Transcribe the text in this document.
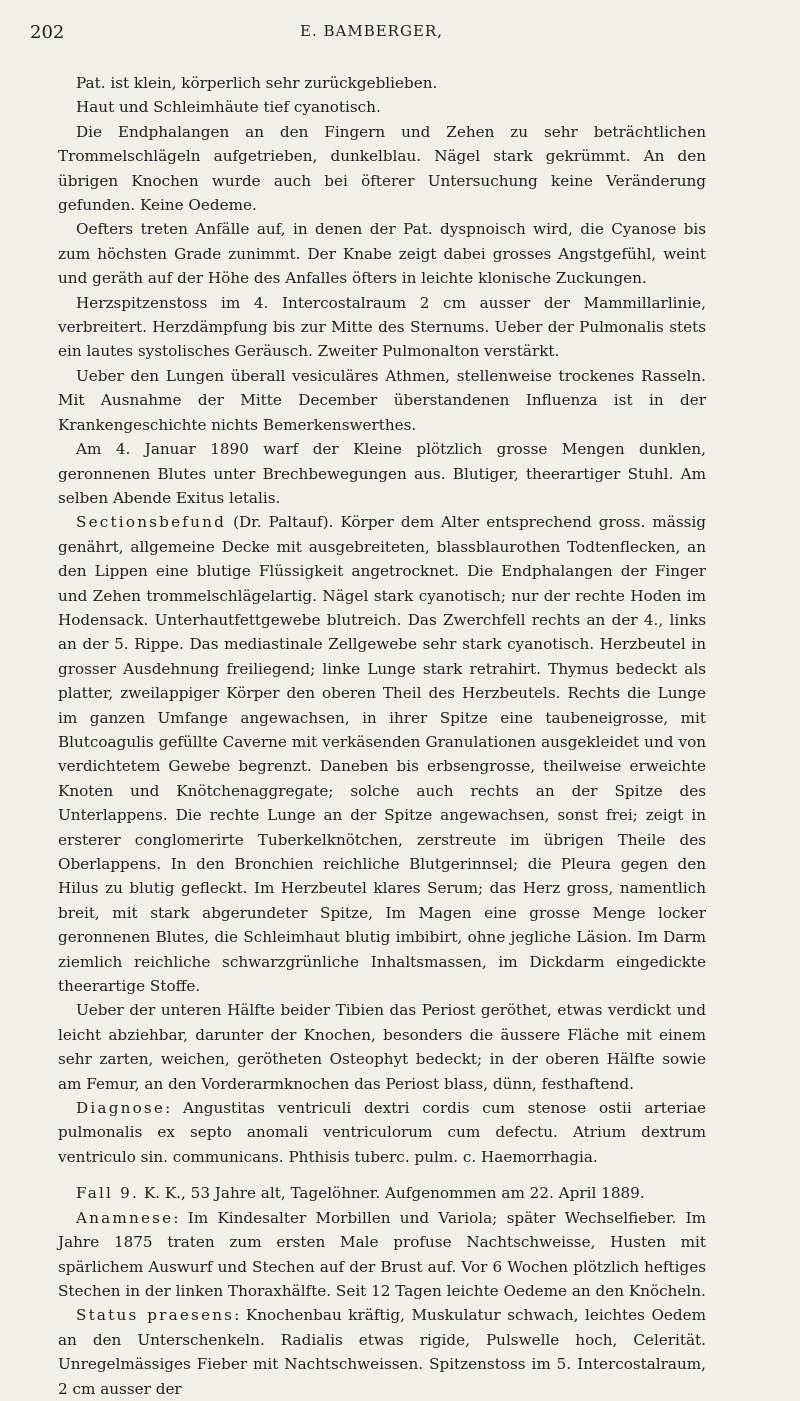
202	E. BAMBERGER,

Pat. ist klein, körperlich sehr zurückgeblieben.

Haut und Schleimhäute tief cyanotisch.

Die Endphalangen an den Fingern und Zehen zu sehr beträchtlichen Trommelschlägeln aufgetrieben, dunkelblau. Nägel stark gekrümmt. An den übrigen Knochen wurde auch bei öfterer Untersuchung keine Veränderung gefunden. Keine Oedeme.

Oefters treten Anfälle auf, in denen der Pat. dyspnoisch wird, die Cyanose bis zum höchsten Grade zunimmt. Der Knabe zeigt dabei grosses Angstgefühl, weint und geräth auf der Höhe des Anfalles öfters in leichte klonische Zuckungen.

Herzspitzenstoss im 4. Intercostalraum 2 cm ausser der Mammillarlinie, verbreitert. Herzdämpfung bis zur Mitte des Sternums. Ueber der Pulmonalis stets ein lautes systolisches Geräusch. Zweiter Pulmonalton verstärkt.

Ueber den Lungen überall vesiculäres Athmen, stellenweise trockenes Rasseln. Mit Ausnahme der Mitte December überstandenen Influenza ist in der Krankengeschichte nichts Bemerkenswerthes.

Am 4. Januar 1890 warf der Kleine plötzlich grosse Mengen dunklen, geronnenen Blutes unter Brechbewegungen aus. Blutiger, theerartiger Stuhl. Am selben Abende Exitus letalis.

Sectionsbefund (Dr. Paltauf). Körper dem Alter entsprechend gross. mässig genährt, allgemeine Decke mit ausgebreiteten, blassblaurothen Todtenflecken, an den Lippen eine blutige Flüssigkeit angetrocknet. Die Endphalangen der Finger und Zehen trommelschlägelartig. Nägel stark cyanotisch; nur der rechte Hoden im Hodensack. Unterhautfettgewebe blutreich. Das Zwerchfell rechts an der 4., links an der 5. Rippe. Das mediastinale Zellgewebe sehr stark cyanotisch. Herzbeutel in grosser Ausdehnung freiliegend; linke Lunge stark retrahirt. Thymus bedeckt als platter, zweilappiger Körper den oberen Theil des Herzbeutels. Rechts die Lunge im ganzen Umfange angewachsen, in ihrer Spitze eine taubeneigrosse, mit Blutcoagulis gefüllte Caverne mit verkäsenden Granulationen ausgekleidet und von verdichtetem Gewebe begrenzt. Daneben bis erbsengrosse, theilweise erweichte Knoten und Knötchenaggregate; solche auch rechts an der Spitze des Unterlappens. Die rechte Lunge an der Spitze angewachsen, sonst frei; zeigt in ersterer conglomerirte Tuberkelknötchen, zerstreute im übrigen Theile des Oberlappens. In den Bronchien reichliche Blutgerinnsel; die Pleura gegen den Hilus zu blutig gefleckt. Im Herzbeutel klares Serum; das Herz gross, namentlich breit, mit stark abgerundeter Spitze, Im Magen eine grosse Menge locker geronnenen Blutes, die Schleimhaut blutig imbibirt, ohne jegliche Läsion. Im Darm ziemlich reichliche schwarzgrünliche Inhaltsmassen, im Dickdarm eingedickte theerartige Stoffe.

Ueber der unteren Hälfte beider Tibien das Periost geröthet, etwas verdickt und leicht abziehbar, darunter der Knochen, besonders die äussere Fläche mit einem sehr zarten, weichen, gerötheten Osteophyt bedeckt; in der oberen Hälfte sowie am Femur, an den Vorderarmknochen das Periost blass, dünn, festhaftend.

Diagnose: Angustitas ventriculi dextri cordis cum stenose ostii arteriae pulmonalis ex septo anomali ventriculorum cum defectu. Atrium dextrum ventriculo sin. communicans. Phthisis tuberc. pulm. c. Haemorrhagia.

Fall 9. K. K., 53 Jahre alt, Tagelöhner. Aufgenommen am 22. April 1889.

Anamnese: Im Kindesalter Morbillen und Variola; später Wechselfieber. Im Jahre 1875 traten zum ersten Male profuse Nachtschweisse, Husten mit spärlichem Auswurf und Stechen auf der Brust auf. Vor 6 Wochen plötzlich heftiges Stechen in der linken Thoraxhälfte. Seit 12 Tagen leichte Oedeme an den Knöcheln.

Status praesens: Knochenbau kräftig, Muskulatur schwach, leichtes Oedem an den Unterschenkeln. Radialis etwas rigide, Pulswelle hoch, Celerität. Unregelmässiges Fieber mit Nachtschweissen. Spitzenstoss im 5. Intercostalraum, 2 cm ausser der
